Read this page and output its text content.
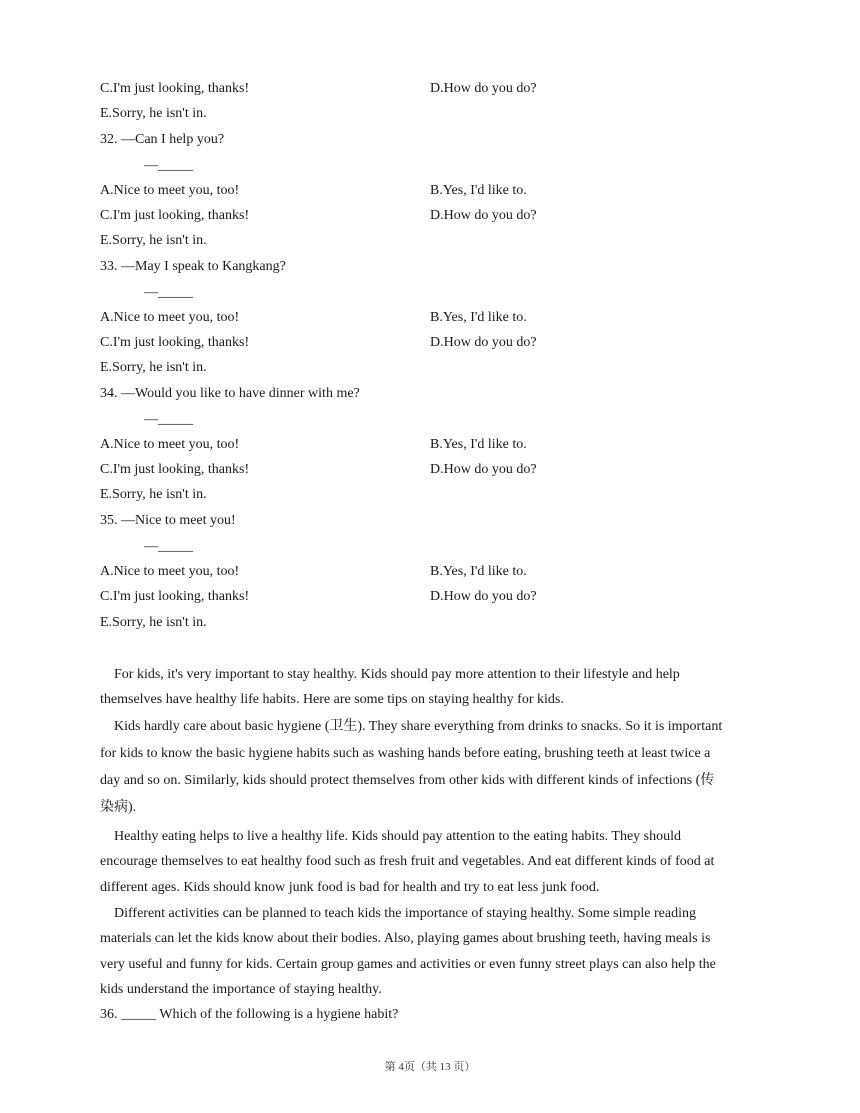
C.I'm just looking, thanks!	D.How do you do?
E.Sorry, he isn't in.
32. —Can I help you?
—_____
A.Nice to meet you, too!	B.Yes, I'd like to.
C.I'm just looking, thanks!	D.How do you do?
E.Sorry, he isn't in.
33. —May I speak to Kangkang?
—_____
A.Nice to meet you, too!	B.Yes, I'd like to.
C.I'm just looking, thanks!	D.How do you do?
E.Sorry, he isn't in.
34. —Would you like to have dinner with me?
—_____
A.Nice to meet you, too!	B.Yes, I'd like to.
C.I'm just looking, thanks!	D.How do you do?
E.Sorry, he isn't in.
35. —Nice to meet you!
—_____
A.Nice to meet you, too!	B.Yes, I'd like to.
C.I'm just looking, thanks!	D.How do you do?
E.Sorry, he isn't in.
For kids, it's very important to stay healthy. Kids should pay more attention to their lifestyle and help
themselves have healthy life habits. Here are some tips on staying healthy for kids.
Kids hardly care about basic hygiene (卫生). They share everything from drinks to snacks. So it is important
for kids to know the basic hygiene habits such as washing hands before eating, brushing teeth at least twice a
day and so on. Similarly, kids should protect themselves from other kids with different kinds of infections (传
染病).
Healthy eating helps to live a healthy life. Kids should pay attention to the eating habits. They should
encourage themselves to eat healthy food such as fresh fruit and vegetables. And eat different kinds of food at
different ages. Kids should know junk food is bad for health and try to eat less junk food.
Different activities can be planned to teach kids the importance of staying healthy. Some simple reading
materials can let the kids know about their bodies. Also, playing games about brushing teeth, having meals is
very useful and funny for kids. Certain group games and activities or even funny street plays can also help the
kids understand the importance of staying healthy.
36. _____ Which of the following is a hygiene habit?
第 4页（共 13 页）
